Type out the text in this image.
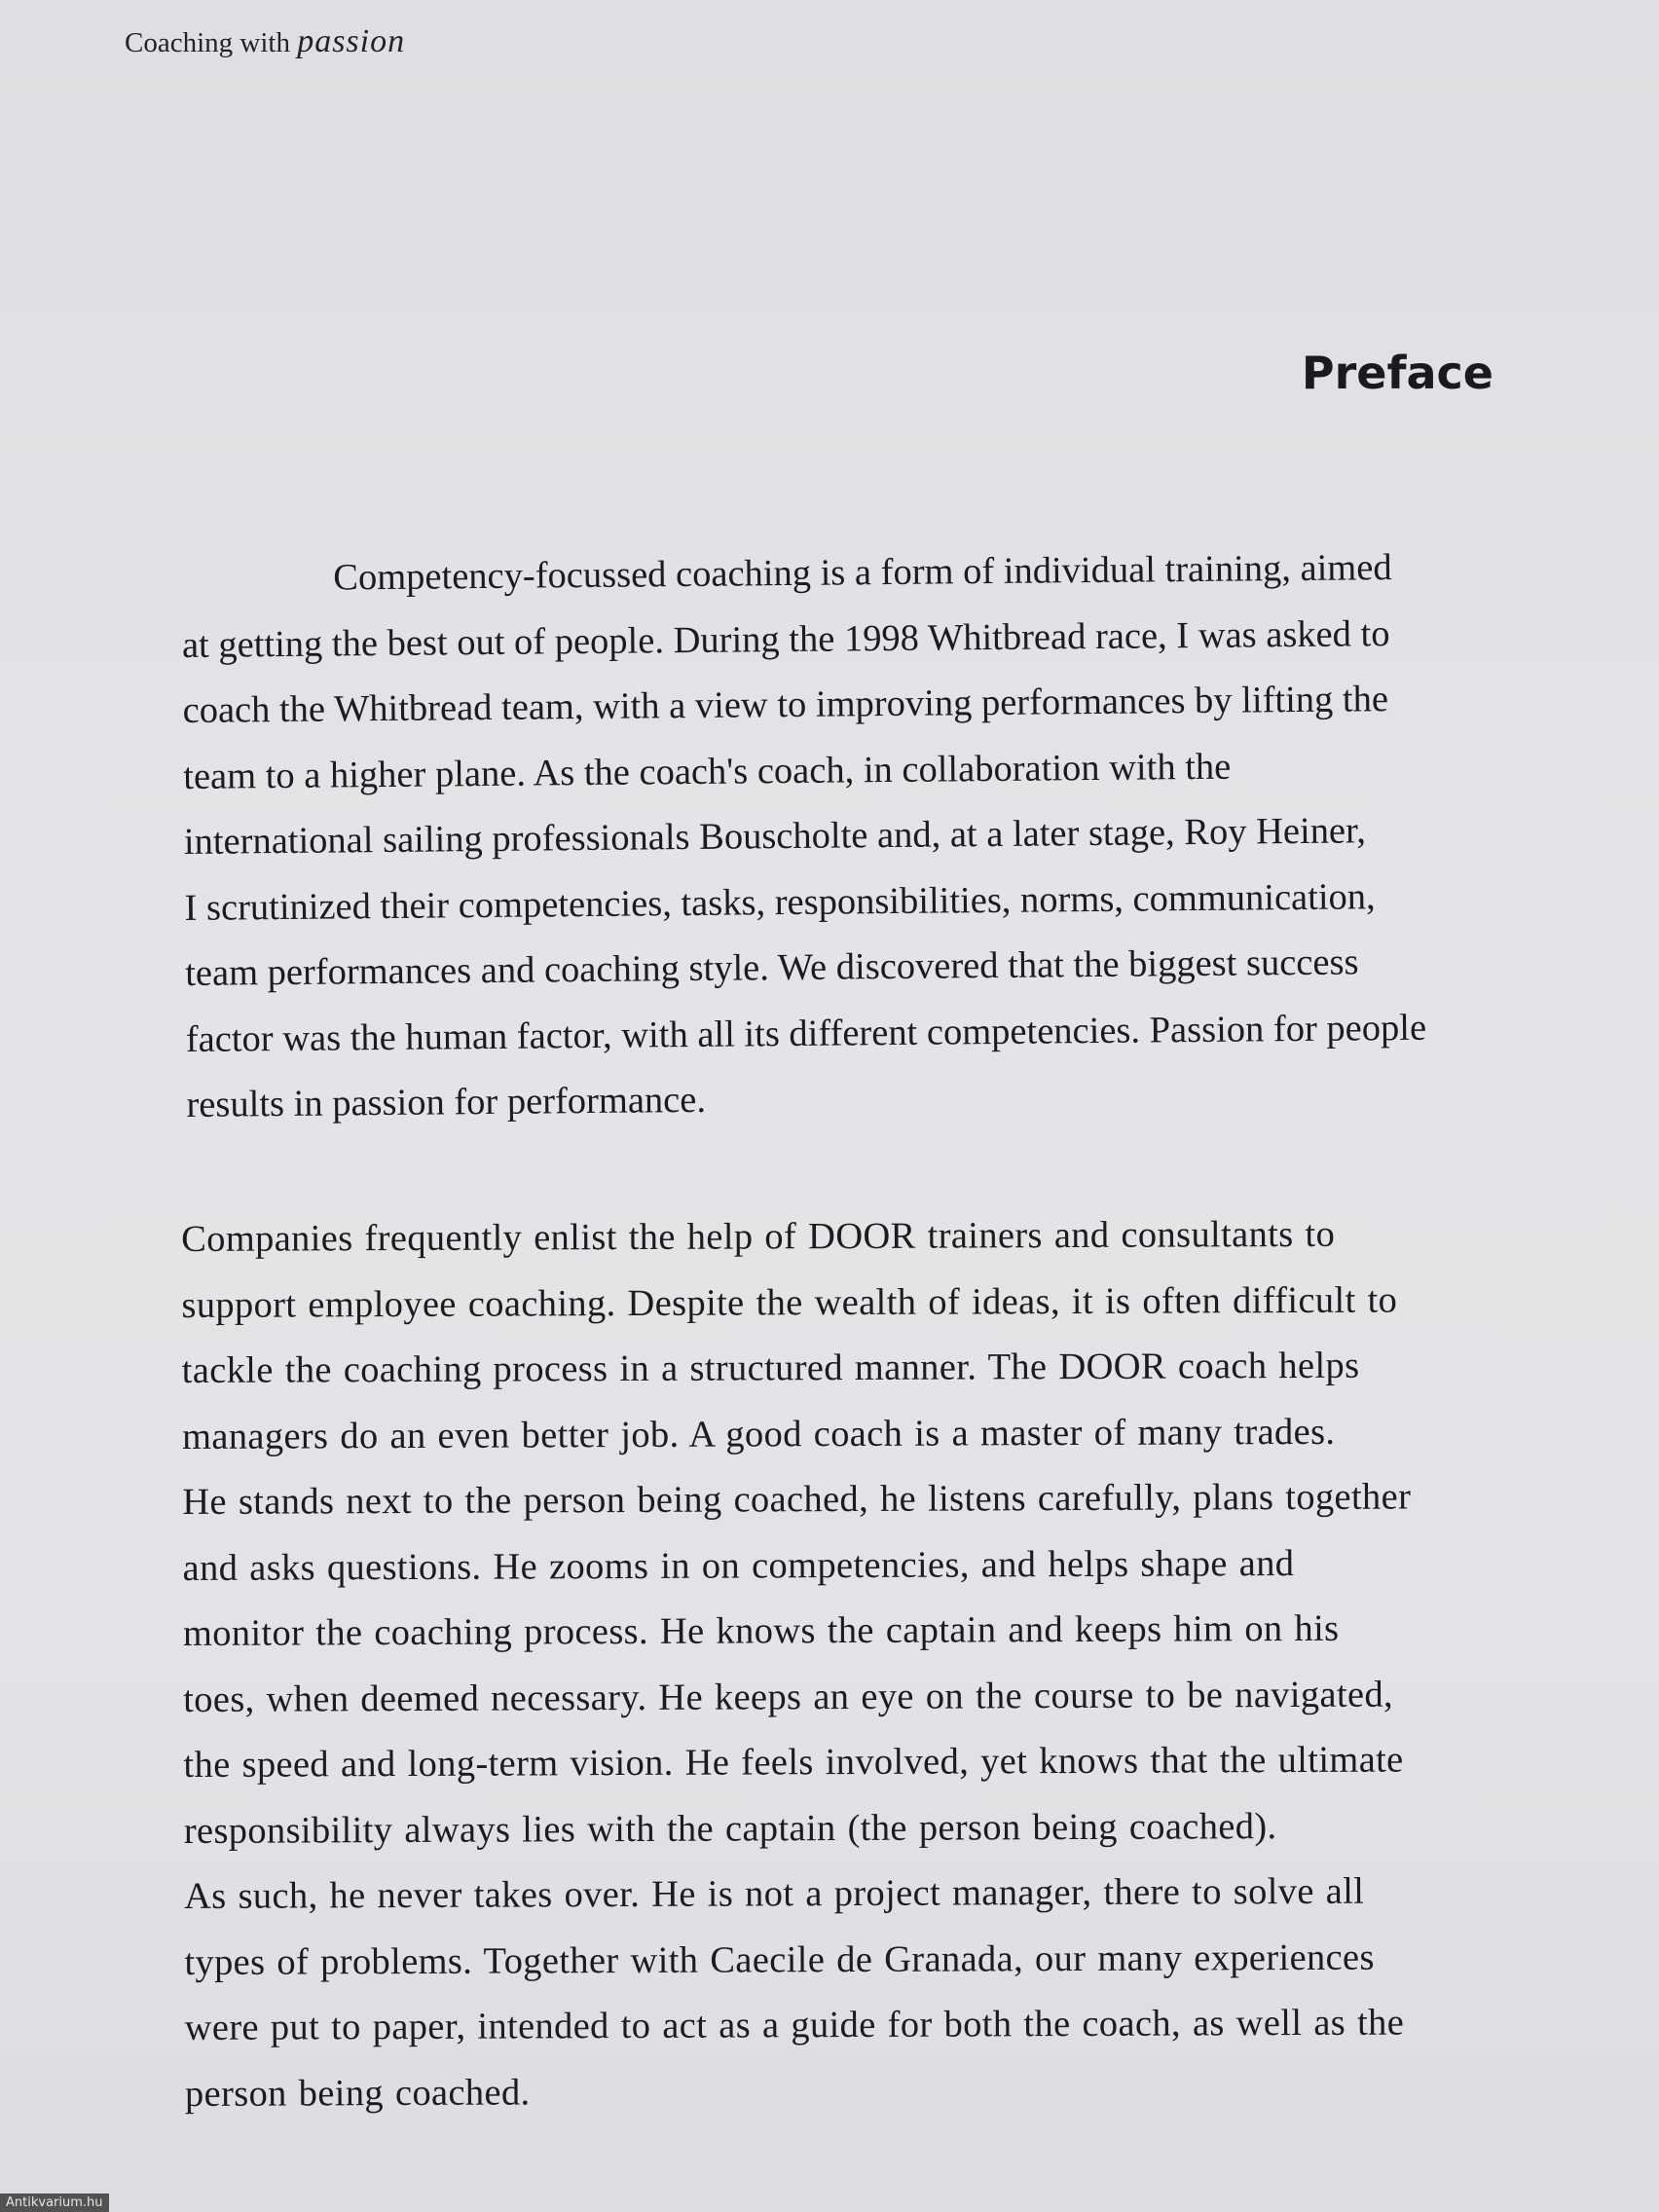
Coaching with passion
Preface

Competency-focussed coaching is a form of individual training, aimed
at getting the best out of people. During the 1998 Whitbread race, I was asked to
coach the Whitbread team, with a view to improving performances by lifting the
team to a higher plane. As the coach's coach, in collaboration with the
international sailing professionals Bouscholte and, at a later stage, Roy Heiner,
I scrutinized their competencies, tasks, responsibilities, norms, communication,
team performances and coaching style. We discovered that the biggest success
factor was the human factor, with all its different competencies. Passion for people
results in passion for performance.

Companies frequently enlist the help of DOOR trainers and consultants to
support employee coaching. Despite the wealth of ideas, it is often difficult to
tackle the coaching process in a structured manner. The DOOR coach helps
managers do an even better job. A good coach is a master of many trades.
He stands next to the person being coached, he listens carefully, plans together
and asks questions. He zooms in on competencies, and helps shape and
monitor the coaching process. He knows the captain and keeps him on his
toes, when deemed necessary. He keeps an eye on the course to be navigated,
the speed and long-term vision. He feels involved, yet knows that the ultimate
responsibility always lies with the captain (the person being coached).
As such, he never takes over. He is not a project manager, there to solve all
types of problems. Together with Caecile de Granada, our many experiences
were put to paper, intended to act as a guide for both the coach, as well as the
person being coached.

Antikvarium.hu
